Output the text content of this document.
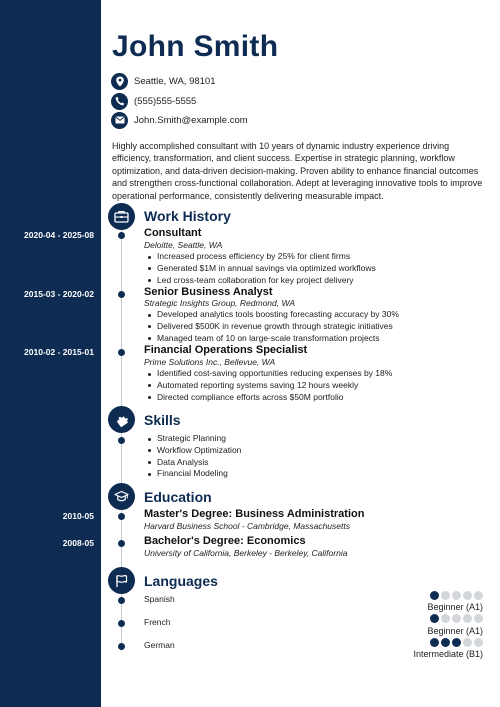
John Smith
Seattle, WA, 98101
(555)555-5555
John.Smith@example.com
Highly accomplished consultant with 10 years of dynamic industry experience driving efficiency, transformation, and client success. Expertise in strategic planning, workflow optimization, and data-driven decision-making. Proven ability to enhance financial outcomes and strengthen cross-functional collaboration. Adept at leveraging innovative tools to improve operational performance, consistently delivering measurable impact.
Work History
2020-04 - 2025-08	Consultant
Deloitte, Seattle, WA
Increased process efficiency by 25% for client firms
Generated $1M in annual savings via optimized workflows
Led cross-team collaboration for key project delivery
2015-03 - 2020-02	Senior Business Analyst
Strategic Insights Group, Redmond, WA
Developed analytics tools boosting forecasting accuracy by 30%
Delivered $500K in revenue growth through strategic initiatives
Managed team of 10 on large-scale transformation projects
2010-02 - 2015-01	Financial Operations Specialist
Prime Solutions Inc., Bellevue, WA
Identified cost-saving opportunities reducing expenses by 18%
Automated reporting systems saving 12 hours weekly
Directed compliance efforts across $50M portfolio
Skills
Strategic Planning
Workflow Optimization
Data Analysis
Financial Modeling
Education
2010-05	Master's Degree: Business Administration
Harvard Business School - Cambridge, Massachusetts
2008-05	Bachelor's Degree: Economics
University of California, Berkeley - Berkeley, California
Languages
Spanish
Beginner (A1)
French
Beginner (A1)
German
Intermediate (B1)
